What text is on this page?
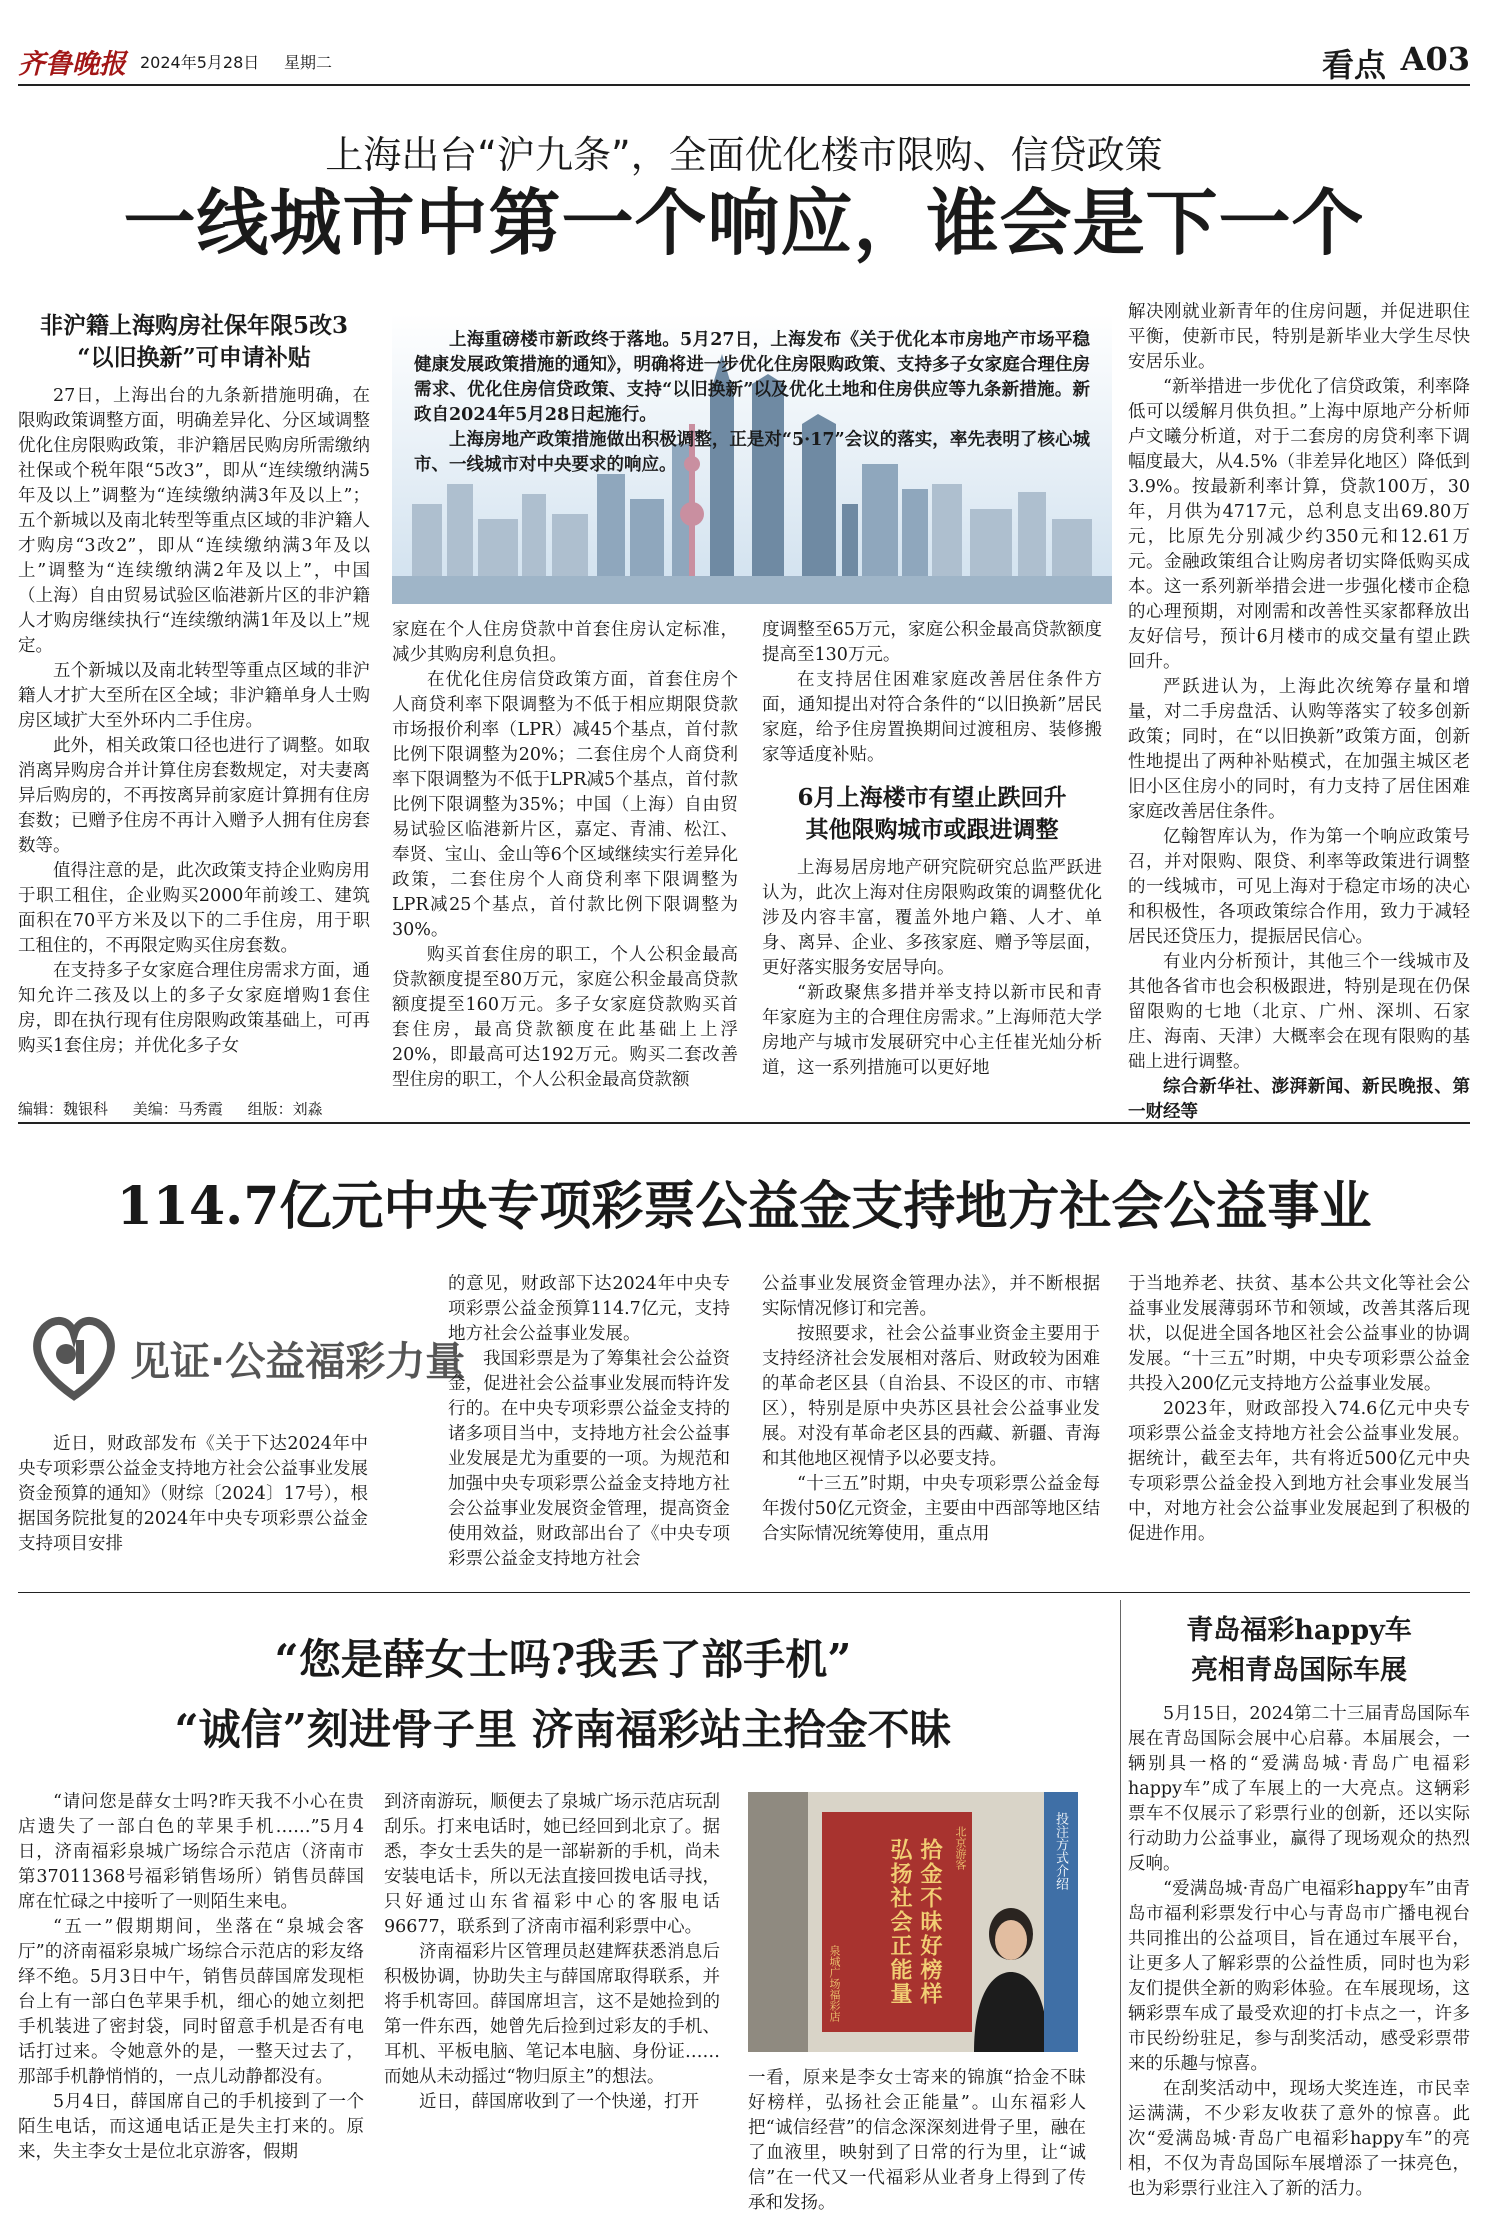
齐鲁晚报 2024年5月28日 星期二	看点 A03
上海出台“沪九条”，全面优化楼市限购、信贷政策
一线城市中第一个响应，谁会是下一个

非沪籍上海购房社保年限5改3

“以旧换新”可申请补贴

27日，上海出台的九条新措施明确，在限购政策调整方面，明确差异化、分区域调整优化住房限购政策，非沪籍居民购房所需缴纳社保或个税年限“5改3”，即从“连续缴纳满5年及以上”调整为“连续缴纳满3年及以上”；五个新城以及南北转型等重点区域的非沪籍人才购房“3改2”，即从“连续缴纳满3年及以上”调整为“连续缴纳满2年及以上”，中国（上海）自由贸易试验区临港新片区的非沪籍人才购房继续执行“连续缴纳满1年及以上”规定。

五个新城以及南北转型等重点区域的非沪籍人才扩大至所在区全域；非沪籍单身人士购房区域扩大至外环内二手住房。

此外，相关政策口径也进行了调整。如取消离异购房合并计算住房套数规定，对夫妻离异后购房的，不再按离异前家庭计算拥有住房套数；已赠予住房不再计入赠予人拥有住房套数等。

值得注意的是，此次政策支持企业购房用于职工租住，企业购买2000年前竣工、建筑面积在70平方米及以下的二手住房，用于职工租住的，不再限定购买住房套数。

在支持多子女家庭合理住房需求方面，通知允许二孩及以上的多子女家庭增购1套住房，即在执行现有住房限购政策基础上，可再购买1套住房；并优化多子女

上海重磅楼市新政终于落地。5月27日，上海发布《关于优化本市房地产市场平稳健康发展政策措施的通知》，明确将进一步优化住房限购政策、支持多子女家庭合理住房需求、优化住房信贷政策、支持“以旧换新”以及优化土地和住房供应等九条新措施。新政自2024年5月28日起施行。

上海房地产政策措施做出积极调整，正是对“5·17”会议的落实，率先表明了核心城市、一线城市对中央要求的响应。

家庭在个人住房贷款中首套住房认定标准，减少其购房利息负担。

在优化住房信贷政策方面，首套住房个人商贷利率下限调整为不低于相应期限贷款市场报价利率（LPR）减45个基点，首付款比例下限调整为20%；二套住房个人商贷利率下限调整为不低于LPR减5个基点，首付款比例下限调整为35%；中国（上海）自由贸易试验区临港新片区，嘉定、青浦、松江、奉贤、宝山、金山等6个区域继续实行差异化政策，二套住房个人商贷利率下限调整为LPR减25个基点，首付款比例下限调整为30%。

购买首套住房的职工，个人公积金最高贷款额度提至80万元，家庭公积金最高贷款额度提至160万元。多子女家庭贷款购买首套住房，最高贷款额度在此基础上上浮20%，即最高可达192万元。购买二套改善型住房的职工，个人公积金最高贷款额

度调整至65万元，家庭公积金最高贷款额度提高至130万元。

在支持居住困难家庭改善居住条件方面，通知提出对符合条件的“以旧换新”居民家庭，给予住房置换期间过渡租房、装修搬家等适度补贴。

6月上海楼市有望止跌回升

其他限购城市或跟进调整

上海易居房地产研究院研究总监严跃进认为，此次上海对住房限购政策的调整优化涉及内容丰富，覆盖外地户籍、人才、单身、离异、企业、多孩家庭、赠予等层面，更好落实服务安居导向。

“新政聚焦多措并举支持以新市民和青年家庭为主的合理住房需求。”上海师范大学房地产与城市发展研究中心主任崔光灿分析道，这一系列措施可以更好地

解决刚就业新青年的住房问题，并促进职住平衡，使新市民，特别是新毕业大学生尽快安居乐业。

“新举措进一步优化了信贷政策，利率降低可以缓解月供负担。”上海中原地产分析师卢文曦分析道，对于二套房的房贷利率下调幅度最大，从4.5%（非差异化地区）降低到3.9%。按最新利率计算，贷款100万，30年，月供为4717元，总利息支出69.80万元，比原先分别减少约350元和12.61万元。金融政策组合让购房者切实降低购买成本。这一系列新举措会进一步强化楼市企稳的心理预期，对刚需和改善性买家都释放出友好信号，预计6月楼市的成交量有望止跌回升。

严跃进认为，上海此次统筹存量和增量，对二手房盘活、认购等落实了较多创新政策；同时，在“以旧换新”政策方面，创新性地提出了两种补贴模式，在加强主城区老旧小区住房小的同时，有力支持了居住困难家庭改善居住条件。

亿翰智库认为，作为第一个响应政策号召，并对限购、限贷、利率等政策进行调整的一线城市，可见上海对于稳定市场的决心和积极性，各项政策综合作用，致力于减轻居民还贷压力，提振居民信心。

有业内分析预计，其他三个一线城市及其他各省市也会积极跟进，特别是现在仍保留限购的七地（北京、广州、深圳、石家庄、海南、天津）大概率会在现有限购的基础上进行调整。

综合新华社、澎湃新闻、新民晚报、第一财经等

编辑：魏银科 美编：马秀霞 组版：刘淼
114.7亿元中央专项彩票公益金支持地方社会公益事业
见证·公益福彩力量

近日，财政部发布《关于下达2024年中央专项彩票公益金支持地方社会公益事业发展资金预算的通知》（财综〔2024〕17号），根据国务院批复的2024年中央专项彩票公益金支持项目安排

的意见，财政部下达2024年中央专项彩票公益金预算114.7亿元，支持地方社会公益事业发展。

我国彩票是为了筹集社会公益资金，促进社会公益事业发展而特许发行的。在中央专项彩票公益金支持的诸多项目当中，支持地方社会公益事业发展是尤为重要的一项。为规范和加强中央专项彩票公益金支持地方社会公益事业发展资金管理，提高资金使用效益，财政部出台了《中央专项彩票公益金支持地方社会

公益事业发展资金管理办法》，并不断根据实际情况修订和完善。

按照要求，社会公益事业资金主要用于支持经济社会发展相对落后、财政较为困难的革命老区县（自治县、不设区的市、市辖区），特别是原中央苏区县社会公益事业发展。对没有革命老区县的西藏、新疆、青海和其他地区视情予以必要支持。

“十三五”时期，中央专项彩票公益金每年拨付50亿元资金，主要由中西部等地区结合实际情况统筹使用，重点用

于当地养老、扶贫、基本公共文化等社会公益事业发展薄弱环节和领域，改善其落后现状，以促进全国各地区社会公益事业的协调发展。“十三五”时期，中央专项彩票公益金共投入200亿元支持地方公益事业发展。

2023年，财政部投入74.6亿元中央专项彩票公益金支持地方社会公益事业发展。据统计，截至去年，共有将近500亿元中央专项彩票公益金投入到地方社会事业发展当中，对地方社会公益事业发展起到了积极的促进作用。

“您是薛女士吗?我丢了部手机”
“诚信”刻进骨子里 济南福彩站主拾金不昧

“请问您是薛女士吗?昨天我不小心在贵店遗失了一部白色的苹果手机……”5月4日，济南福彩泉城广场综合示范店（济南市第37011368号福彩销售场所）销售员薛国席在忙碌之中接听了一则陌生来电。

“五一”假期期间，坐落在“泉城会客厅”的济南福彩泉城广场综合示范店的彩友络绎不绝。5月3日中午，销售员薛国席发现柜台上有一部白色苹果手机，细心的她立刻把手机装进了密封袋，同时留意手机是否有电话打过来。令她意外的是，一整天过去了，那部手机静悄悄的，一点儿动静都没有。

5月4日，薛国席自己的手机接到了一个陌生电话，而这通电话正是失主打来的。原来，失主李女士是位北京游客，假期

到济南游玩，顺便去了泉城广场示范店玩刮刮乐。打来电话时，她已经回到北京了。据悉，李女士丢失的是一部崭新的手机，尚未安装电话卡，所以无法直接回拨电话寻找，只好通过山东省福彩中心的客服电话96677，联系到了济南市福利彩票中心。

济南福彩片区管理员赵建辉获悉消息后积极协调，协助失主与薛国席取得联系，并将手机寄回。薛国席坦言，这不是她捡到的第一件东西，她曾先后捡到过彩友的手机、耳机、平板电脑、笔记本电脑、身份证……而她从未动摇过“物归原主”的想法。

近日，薛国席收到了一个快递，打开

拾金不昧好榜样
弘扬社会正能量	北京游客
泉城广场福彩店
投注方式介绍

一看，原来是李女士寄来的锦旗“拾金不昧好榜样，弘扬社会正能量”。山东福彩人把“诚信经营”的信念深深刻进骨子里，融在了血液里，映射到了日常的行为里，让“诚信”在一代又一代福彩从业者身上得到了传承和发扬。

青岛福彩happy车
亮相青岛国际车展

5月15日，2024第二十三届青岛国际车展在青岛国际会展中心启幕。本届展会，一辆别具一格的“爱满岛城·青岛广电福彩happy车”成了车展上的一大亮点。这辆彩票车不仅展示了彩票行业的创新，还以实际行动助力公益事业，赢得了现场观众的热烈反响。

“爱满岛城·青岛广电福彩happy车”由青岛市福利彩票发行中心与青岛市广播电视台共同推出的公益项目，旨在通过车展平台，让更多人了解彩票的公益性质，同时也为彩友们提供全新的购彩体验。在车展现场，这辆彩票车成了最受欢迎的打卡点之一，许多市民纷纷驻足，参与刮奖活动，感受彩票带来的乐趣与惊喜。

在刮奖活动中，现场大奖连连，市民幸运满满，不少彩友收获了意外的惊喜。此次“爱满岛城·青岛广电福彩happy车”的亮相，不仅为青岛国际车展增添了一抹亮色，也为彩票行业注入了新的活力。
